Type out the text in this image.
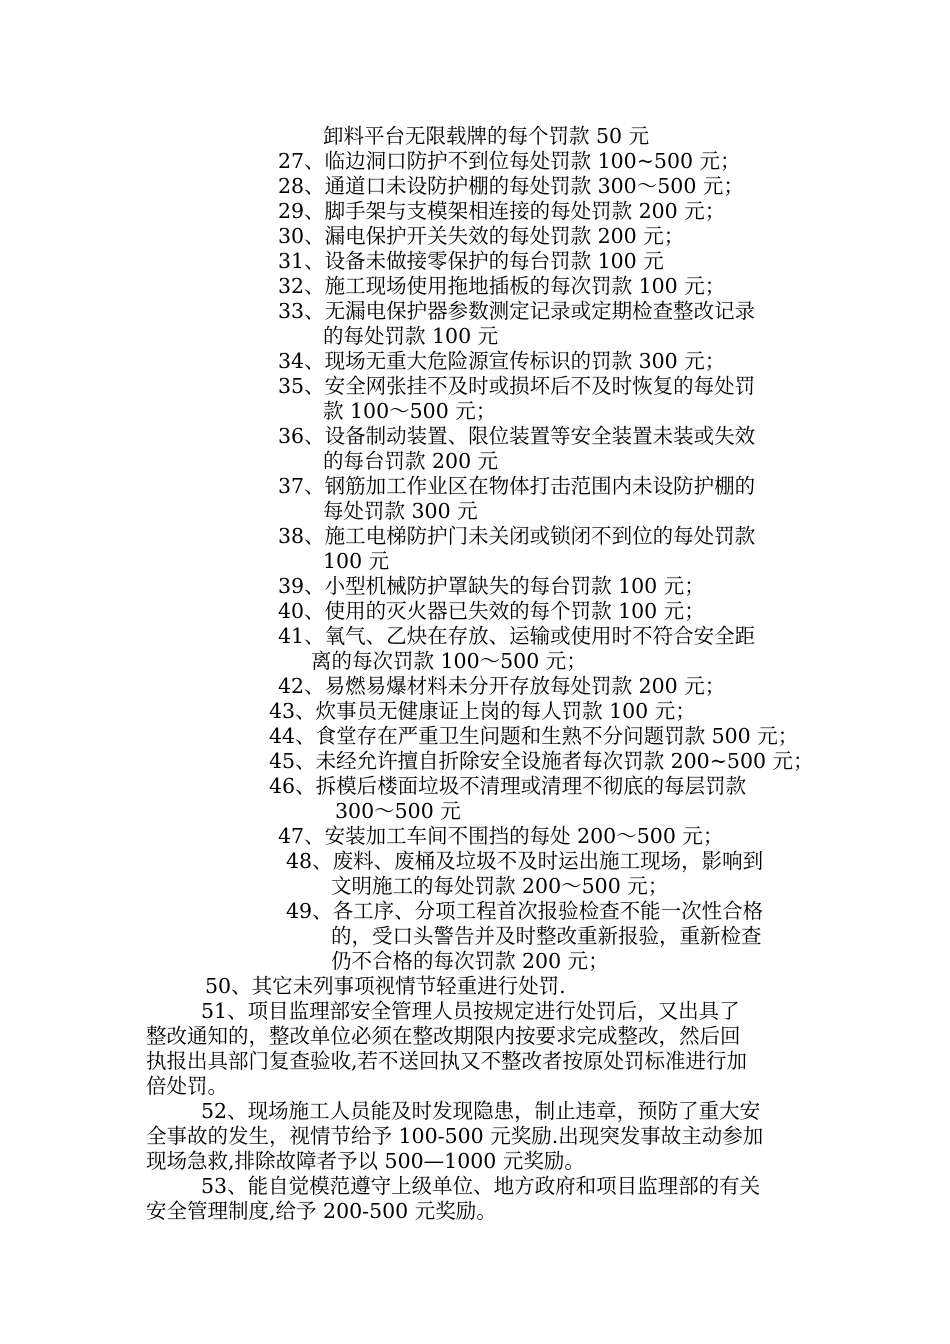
卸料平台无限载牌的每个罚款 50 元
27、临边洞口防护不到位每处罚款 100~500 元；
28、通道口未设防护棚的每处罚款 300～500 元；
29、脚手架与支模架相连接的每处罚款 200 元；
30、漏电保护开关失效的每处罚款 200 元；
31、设备未做接零保护的每台罚款 100 元
32、施工现场使用拖地插板的每次罚款 100 元；
33、无漏电保护器参数测定记录或定期检查整改记录
的每处罚款 100 元
34、现场无重大危险源宣传标识的罚款 300 元；
35、安全网张挂不及时或损坏后不及时恢复的每处罚
款 100～500 元；
36、设备制动装置、限位装置等安全装置未装或失效
的每台罚款 200 元
37、钢筋加工作业区在物体打击范围内未设防护棚的
每处罚款 300 元
38、施工电梯防护门未关闭或锁闭不到位的每处罚款
100 元
39、小型机械防护罩缺失的每台罚款 100 元；
40、使用的灭火器已失效的每个罚款 100 元；
41、氧气、乙炔在存放、运输或使用时不符合安全距
离的每次罚款 100～500 元；
42、易燃易爆材料未分开存放每处罚款 200 元；
43、炊事员无健康证上岗的每人罚款 100 元；
44、食堂存在严重卫生问题和生熟不分问题罚款 500 元；
45、未经允许擅自折除安全设施者每次罚款 200~500 元；
46、拆模后楼面垃圾不清理或清理不彻底的每层罚款
300～500 元
47、安装加工车间不围挡的每处 200～500 元；
48、废料、废桶及垃圾不及时运出施工现场，影响到
文明施工的每处罚款 200～500 元；
49、各工序、分项工程首次报验检查不能一次性合格
的，受口头警告并及时整改重新报验，重新检查
仍不合格的每次罚款 200 元；
50、其它未列事项视情节轻重进行处罚.
51、项目监理部安全管理人员按规定进行处罚后，又出具了
整改通知的，整改单位必须在整改期限内按要求完成整改，然后回
执报出具部门复查验收,若不送回执又不整改者按原处罚标准进行加
倍处罚。
52、现场施工人员能及时发现隐患，制止违章，预防了重大安
全事故的发生，视情节给予 100-500 元奖励.出现突发事故主动参加
现场急救,排除故障者予以 500—1000 元奖励。
53、能自觉模范遵守上级单位、地方政府和项目监理部的有关
安全管理制度,给予 200-500 元奖励。
